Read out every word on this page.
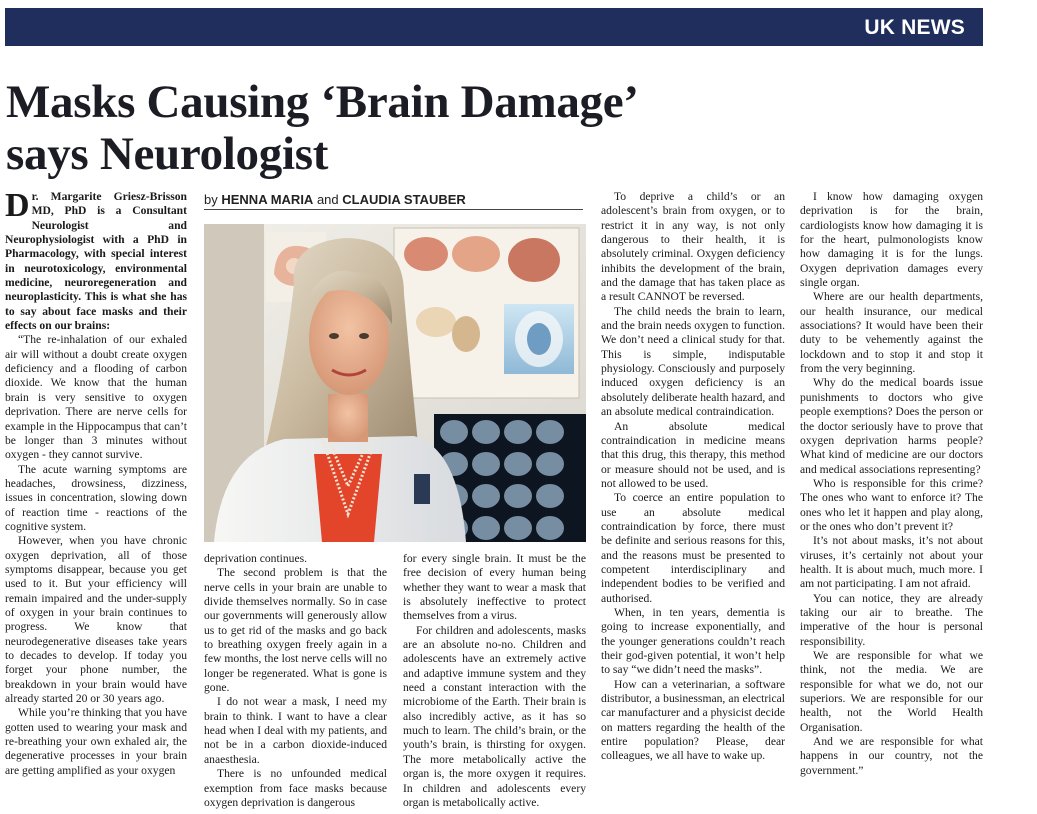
UK NEWS
Masks Causing ‘Brain Damage’
says Neurologist

Dr. Margarite Griesz-Brisson MD, PhD is a Consultant Neurologist and Neurophysiologist with a PhD in Pharmacology, with special interest in neurotoxicology, environmental medicine, neuroregeneration and neuroplasticity. This is what she has to say about face masks and their effects on our brains:

“The re-inhalation of our exhaled air will without a doubt create oxygen deficiency and a flooding of carbon dioxide. We know that the human brain is very sensitive to oxygen deprivation. There are nerve cells for example in the Hippocampus that can’t be longer than 3 minutes without oxygen - they cannot survive.

The acute warning symptoms are headaches, drowsiness, dizziness, issues in concentration, slowing down of reaction time - reactions of the cognitive system.

However, when you have chronic oxygen deprivation, all of those symptoms disappear, because you get used to it. But your efficiency will remain impaired and the under-supply of oxygen in your brain continues to progress. We know that neurodegenerative diseases take years to decades to develop. If today you forget your phone number, the breakdown in your brain would have already started 20 or 30 years ago.

While you’re thinking that you have gotten used to wearing your mask and re-breathing your own exhaled air, the degenerative processes in your brain are getting amplified as your oxygen

by HENNA MARIA and CLAUDIA STAUBER

deprivation continues.

The second problem is that the nerve cells in your brain are unable to divide themselves normally. So in case our governments will generously allow us to get rid of the masks and go back to breathing oxygen freely again in a few months, the lost nerve cells will no longer be regenerated. What is gone is gone.

I do not wear a mask, I need my brain to think. I want to have a clear head when I deal with my patients, and not be in a carbon dioxide-induced anaesthesia.

There is no unfounded medical exemption from face masks because oxygen deprivation is dangerous

for every single brain. It must be the free decision of every human being whether they want to wear a mask that is absolutely ineffective to protect themselves from a virus.

For children and adolescents, masks are an absolute no-no. Children and adolescents have an extremely active and adaptive immune system and they need a constant interaction with the microbiome of the Earth. Their brain is also incredibly active, as it has so much to learn. The child’s brain, or the youth’s brain, is thirsting for oxygen. The more metabolically active the organ is, the more oxygen it requires. In children and adolescents every organ is metabolically active.

To deprive a child’s or an adolescent’s brain from oxygen, or to restrict it in any way, is not only dangerous to their health, it is absolutely criminal. Oxygen deficiency inhibits the development of the brain, and the damage that has taken place as a result CANNOT be reversed.

The child needs the brain to learn, and the brain needs oxygen to function. We don’t need a clinical study for that. This is simple, indisputable physiology. Consciously and purposely induced oxygen deficiency is an absolutely deliberate health hazard, and an absolute medical contraindication.

An absolute medical contraindication in medicine means that this drug, this therapy, this method or measure should not be used, and is not allowed to be used.

To coerce an entire population to use an absolute medical contraindication by force, there must be definite and serious reasons for this, and the reasons must be presented to competent interdisciplinary and independent bodies to be verified and authorised.

When, in ten years, dementia is going to increase exponentially, and the younger generations couldn’t reach their god-given potential, it won’t help to say “we didn’t need the masks”.

How can a veterinarian, a software distributor, a businessman, an electrical car manufacturer and a physicist decide on matters regarding the health of the entire population? Please, dear colleagues, we all have to wake up.

I know how damaging oxygen deprivation is for the brain, cardiologists know how damaging it is for the heart, pulmonologists know how damaging it is for the lungs. Oxygen deprivation damages every single organ.

Where are our health departments, our health insurance, our medical associations? It would have been their duty to be vehemently against the lockdown and to stop it and stop it from the very beginning.

Why do the medical boards issue punishments to doctors who give people exemptions? Does the person or the doctor seriously have to prove that oxygen deprivation harms people? What kind of medicine are our doctors and medical associations representing?

Who is responsible for this crime? The ones who want to enforce it? The ones who let it happen and play along, or the ones who don’t prevent it?

It’s not about masks, it’s not about viruses, it’s certainly not about your health. It is about much, much more. I am not participating. I am not afraid.

You can notice, they are already taking our air to breathe. The imperative of the hour is personal responsibility.

We are responsible for what we think, not the media. We are responsible for what we do, not our superiors. We are responsible for our health, not the World Health Organisation.

And we are responsible for what happens in our country, not the government.”
